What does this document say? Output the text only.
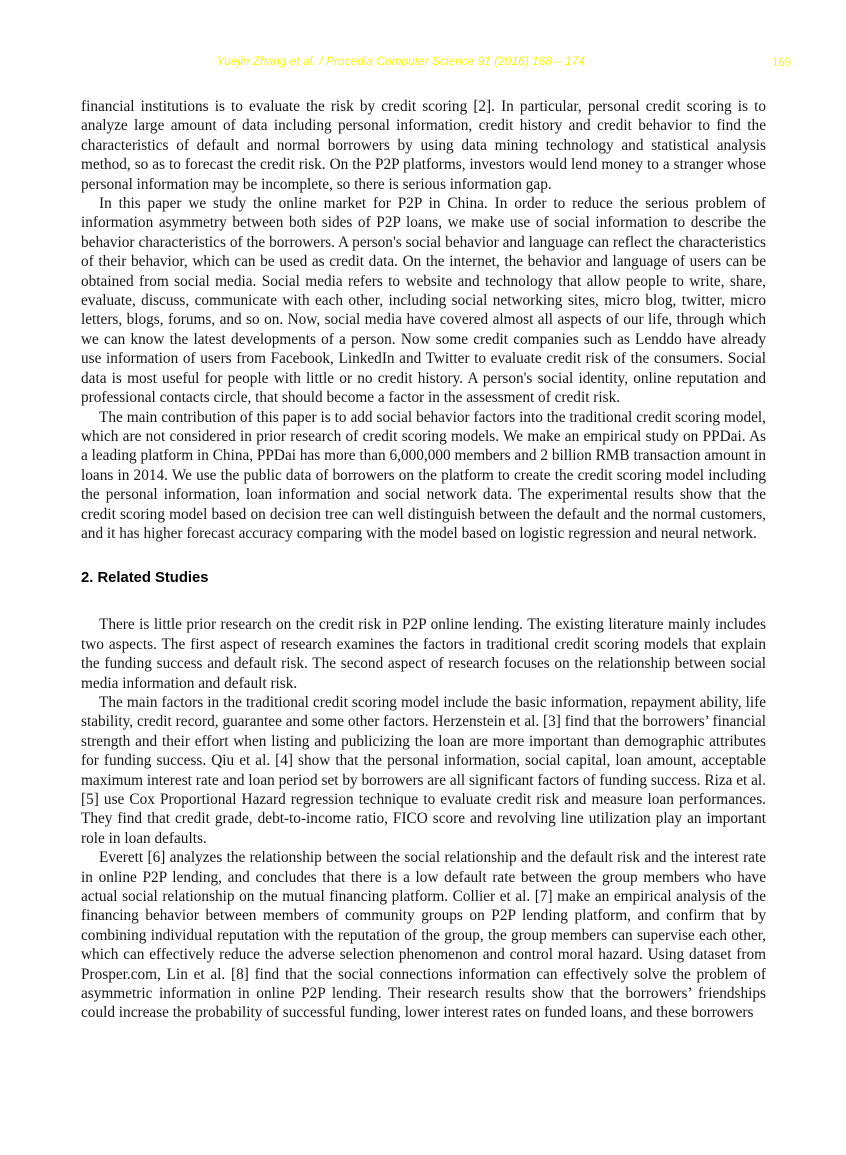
Yuejin Zhang et al. / Procedia Computer Science 91 (2016) 168 – 174	169

financial institutions is to evaluate the risk by credit scoring [2]. In particular, personal credit scoring is to analyze large amount of data including personal information, credit history and credit behavior to find the characteristics of default and normal borrowers by using data mining technology and statistical analysis method, so as to forecast the credit risk. On the P2P platforms, investors would lend money to a stranger whose personal information may be incomplete, so there is serious information gap.

In this paper we study the online market for P2P in China. In order to reduce the serious problem of information asymmetry between both sides of P2P loans, we make use of social information to describe the behavior characteristics of the borrowers. A person's social behavior and language can reflect the characteristics of their behavior, which can be used as credit data. On the internet, the behavior and language of users can be obtained from social media. Social media refers to website and technology that allow people to write, share, evaluate, discuss, communicate with each other, including social networking sites, micro blog, twitter, micro letters, blogs, forums, and so on. Now, social media have covered almost all aspects of our life, through which we can know the latest developments of a person. Now some credit companies such as Lenddo have already use information of users from Facebook, LinkedIn and Twitter to evaluate credit risk of the consumers. Social data is most useful for people with little or no credit history. A person's social identity, online reputation and professional contacts circle, that should become a factor in the assessment of credit risk.

The main contribution of this paper is to add social behavior factors into the traditional credit scoring model, which are not considered in prior research of credit scoring models. We make an empirical study on PPDai. As a leading platform in China, PPDai has more than 6,000,000 members and 2 billion RMB transaction amount in loans in 2014. We use the public data of borrowers on the platform to create the credit scoring model including the personal information, loan information and social network data. The experimental results show that the credit scoring model based on decision tree can well distinguish between the default and the normal customers, and it has higher forecast accuracy comparing with the model based on logistic regression and neural network.

2. Related Studies

There is little prior research on the credit risk in P2P online lending. The existing literature mainly includes two aspects. The first aspect of research examines the factors in traditional credit scoring models that explain the funding success and default risk. The second aspect of research focuses on the relationship between social media information and default risk.

The main factors in the traditional credit scoring model include the basic information, repayment ability, life stability, credit record, guarantee and some other factors. Herzenstein et al. [3] find that the borrowers’ financial strength and their effort when listing and publicizing the loan are more important than demographic attributes for funding success. Qiu et al. [4] show that the personal information, social capital, loan amount, acceptable maximum interest rate and loan period set by borrowers are all significant factors of funding success. Riza et al. [5] use Cox Proportional Hazard regression technique to evaluate credit risk and measure loan performances. They find that credit grade, debt-to-income ratio, FICO score and revolving line utilization play an important role in loan defaults.

Everett [6] analyzes the relationship between the social relationship and the default risk and the interest rate in online P2P lending, and concludes that there is a low default rate between the group members who have actual social relationship on the mutual financing platform. Collier et al. [7] make an empirical analysis of the financing behavior between members of community groups on P2P lending platform, and confirm that by combining individual reputation with the reputation of the group, the group members can supervise each other, which can effectively reduce the adverse selection phenomenon and control moral hazard. Using dataset from Prosper.com, Lin et al. [8] find that the social connections information can effectively solve the problem of asymmetric information in online P2P lending. Their research results show that the borrowers’ friendships could increase the probability of successful funding, lower interest rates on funded loans, and these borrowers
